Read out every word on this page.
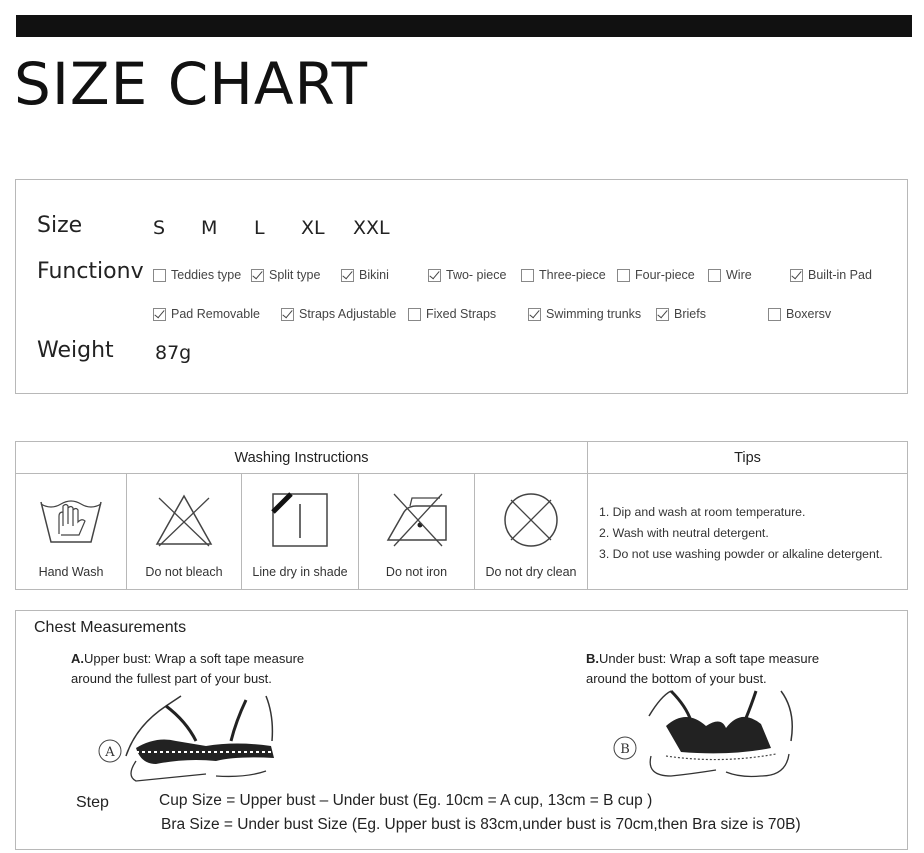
SIZE CHART
Size	S M L XL XXL
Functionv Teddies type Split type	Bikini	Two- piece	Three-piece Four-piece	Wire	Built-in Pad
Pad Removable	Straps Adjustable Fixed Straps	Swimming trunks	Briefs	Boxersv
Weight 87g
Washing Instructions	Tips
Hand Wash	Do not bleach	Line dry in shade	Do not iron	Do not dry clean
1. Dip and wash at room temperature.
2. Wash with neutral detergent.
3. Do not use washing powder or alkaline detergent.
Chest Measurements
A.Upper bust: Wrap a soft tape measure
around the fullest part of your bust.
B.Under bust: Wrap a soft tape measure
around the bottom of your bust.
A	B
Step	Cup Size = Upper bust – Under bust (Eg. 10cm = A cup, 13cm = B cup )
Bra Size = Under bust Size (Eg. Upper bust is 83cm,under bust is 70cm,then Bra size is 70B)
